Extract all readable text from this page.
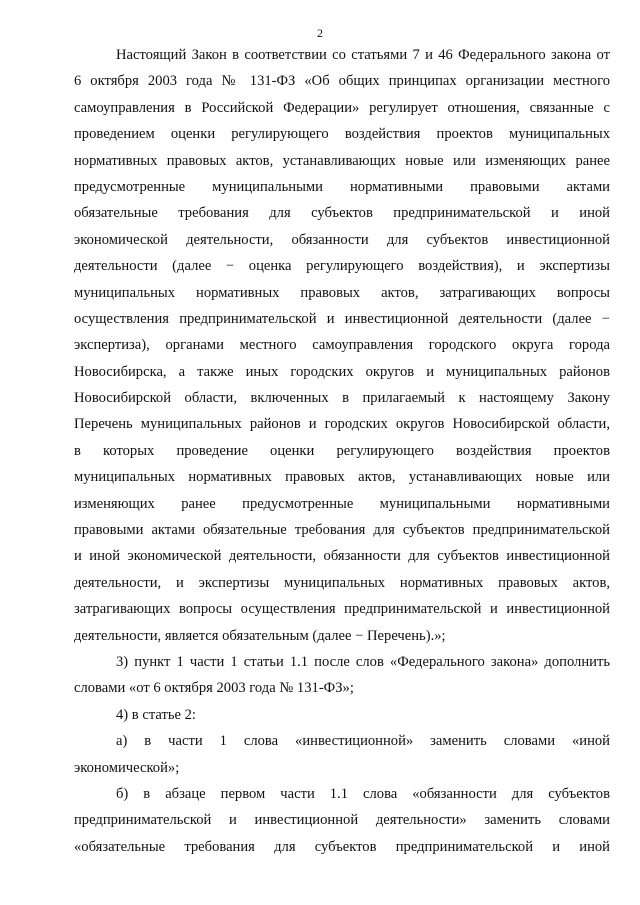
2
Настоящий Закон в соответствии со статьями 7 и 46 Федерального закона от
6 октября 2003 года № 131-ФЗ «Об общих принципах организации местного
самоуправления в Российской Федерации» регулирует отношения, связанные с
проведением оценки регулирующего воздействия проектов муниципальных
нормативных правовых актов, устанавливающих новые или изменяющих ранее
предусмотренные муниципальными нормативными правовыми актами
обязательные требования для субъектов предпринимательской и иной
экономической деятельности, обязанности для субъектов инвестиционной
деятельности (далее − оценка регулирующего воздействия), и экспертизы
муниципальных нормативных правовых актов, затрагивающих вопросы
осуществления предпринимательской и инвестиционной деятельности (далее −
экспертиза), органами местного самоуправления городского округа города
Новосибирска, а также иных городских округов и муниципальных районов
Новосибирской области, включенных в прилагаемый к настоящему Закону
Перечень муниципальных районов и городских округов Новосибирской области,
в которых проведение оценки регулирующего воздействия проектов
муниципальных нормативных правовых актов, устанавливающих новые или
изменяющих ранее предусмотренные муниципальными нормативными
правовыми актами обязательные требования для субъектов предпринимательской
и иной экономической деятельности, обязанности для субъектов инвестиционной
деятельности, и экспертизы муниципальных нормативных правовых актов,
затрагивающих вопросы осуществления предпринимательской и инвестиционной
деятельности, является обязательным (далее − Перечень).»;
3) пункт 1 части 1 статьи 1.1 после слов «Федерального закона» дополнить
словами «от 6 октября 2003 года № 131-ФЗ»;
4) в статье 2:
а) в части 1 слова «инвестиционной» заменить словами «иной
экономической»;
б) в абзаце первом части 1.1 слова «обязанности для субъектов
предпринимательской и инвестиционной деятельности» заменить словами
«обязательные требования для субъектов предпринимательской и иной
